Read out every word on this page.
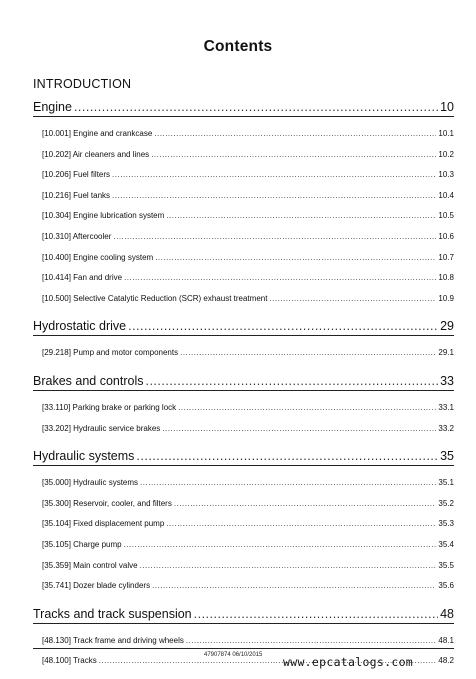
Contents
INTRODUCTION
Engine .....	10
[10.001] Engine and crankcase .....	10.1
[10.202] Air cleaners and lines .....	10.2
[10.206] Fuel filters .....	10.3
[10.216] Fuel tanks .....	10.4
[10.304] Engine lubrication system .....	10.5
[10.310] Aftercooler .....	10.6
[10.400] Engine cooling system .....	10.7
[10.414] Fan and drive .....	10.8
[10.500] Selective Catalytic Reduction (SCR) exhaust treatment .....	10.9
Hydrostatic drive .....	29
[29.218] Pump and motor components .....	29.1
Brakes and controls .....	33
[33.110] Parking brake or parking lock .....	33.1
[33.202] Hydraulic service brakes .....	33.2
Hydraulic systems .....	35
[35.000] Hydraulic systems .....	35.1
[35.300] Reservoir, cooler, and filters .....	35.2
[35.104] Fixed displacement pump .....	35.3
[35.105] Charge pump .....	35.4
[35.359] Main control valve .....	35.5
[35.741] Dozer blade cylinders .....	35.6
Tracks and track suspension .....	48
[48.130] Track frame and driving wheels .....	48.1
[48.100] Tracks .....	48.2
47907874 06/10/2015 www.epcatalogs.com
